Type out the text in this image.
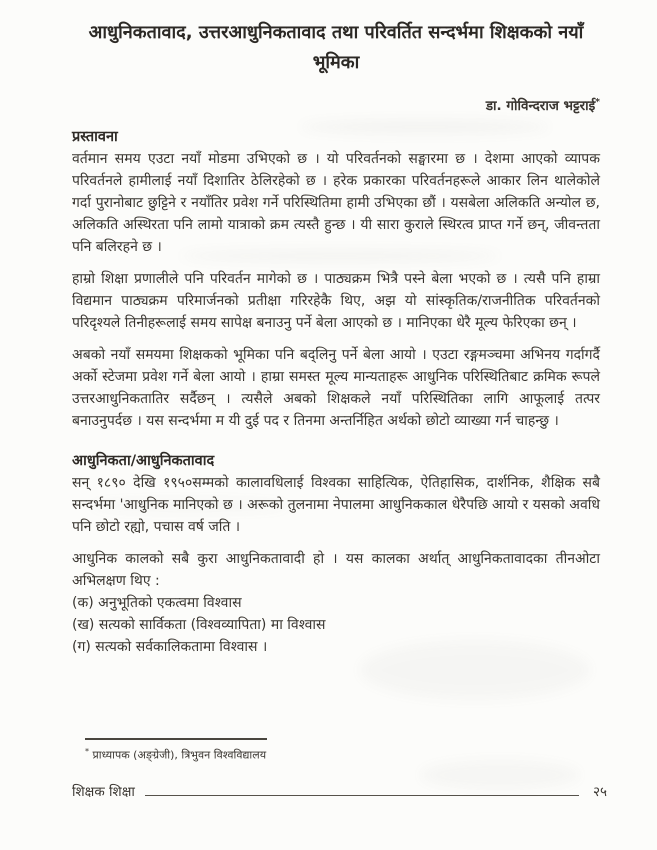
आधुनिकतावाद, उत्तरआधुनिकतावाद तथा परिवर्तित सन्दर्भमा शिक्षकको नयाँ भूमिका
डा. गोविन्दराज भट्टराई*
प्रस्तावना

वर्तमान समय एउटा नयाँ मोडमा उभिएको छ । यो परिवर्तनको सङ्घारमा छ । देशमा आएको व्यापक परिवर्तनले हामीलाई नयाँ दिशातिर ठेलिरहेको छ । हरेक प्रकारका परिवर्तनहरूले आकार लिन थालेकोले गर्दा पुरानोबाट छुट्टिने र नयाँतिर प्रवेश गर्ने परिस्थितिमा हामी उभिएका छौं । यसबेला अलिकति अन्योल छ, अलिकति अस्थिरता पनि लामो यात्राको क्रम त्यस्तै हुन्छ । यी सारा कुराले स्थिरत्व प्राप्त गर्ने छन्, जीवन्तता पनि बलिरहने छ ।

हाम्रो शिक्षा प्रणालीले पनि परिवर्तन मागेको छ । पाठ्यक्रम भित्रै पस्ने बेला भएको छ । त्यसै पनि हाम्रा विद्यमान पाठ्यक्रम परिमार्जनको प्रतीक्षा गरिरहेकै थिए, अझ यो सांस्कृतिक/राजनीतिक परिवर्तनको परिदृश्यले तिनीहरूलाई समय सापेक्ष बनाउनु पर्ने बेला आएको छ । मानिएका धेरै मूल्य फेरिएका छन् ।

अबको नयाँ समयमा शिक्षकको भूमिका पनि बद्लिनु पर्ने बेला आयो । एउटा रङ्गमञ्चमा अभिनय गर्दागर्दै अर्को स्टेजमा प्रवेश गर्ने बेला आयो । हाम्रा समस्त मूल्य मान्यताहरू आधुनिक परिस्थितिबाट क्रमिक रूपले उत्तरआधुनिकतातिर सर्दैछन् । त्यसैले अबको शिक्षकले नयाँ परिस्थितिका लागि आफूलाई तत्पर बनाउनुपर्दछ । यस सन्दर्भमा म यी दुई पद र तिनमा अन्तर्निहित अर्थको छोटो व्याख्या गर्न चाहन्छु ।

आधुनिकता/आधुनिकतावाद

सन् १८९० देखि १९५०सम्मको कालावधिलाई विश्वका साहित्यिक, ऐतिहासिक, दार्शनिक, शैक्षिक सबै सन्दर्भमा 'आधुनिक मानिएको छ । अरूको तुलनामा नेपालमा आधुनिककाल धेरैपछि आयो र यसको अवधि पनि छोटो रह्यो, पचास वर्ष जति ।

आधुनिक कालको सबै कुरा आधुनिकतावादी हो । यस कालका अर्थात् आधुनिकतावादका तीनओटा अभिलक्षण थिए :

(क) अनुभूतिको एकत्वमा विश्वास
(ख) सत्यको सार्विकता (विश्वव्यापिता) मा विश्वास
(ग) सत्यको सर्वकालिकतामा विश्वास ।
* प्राध्यापक (अङ्ग्रेजी), त्रिभुवन विश्वविद्यालय
शिक्षक शिक्षा	२५
